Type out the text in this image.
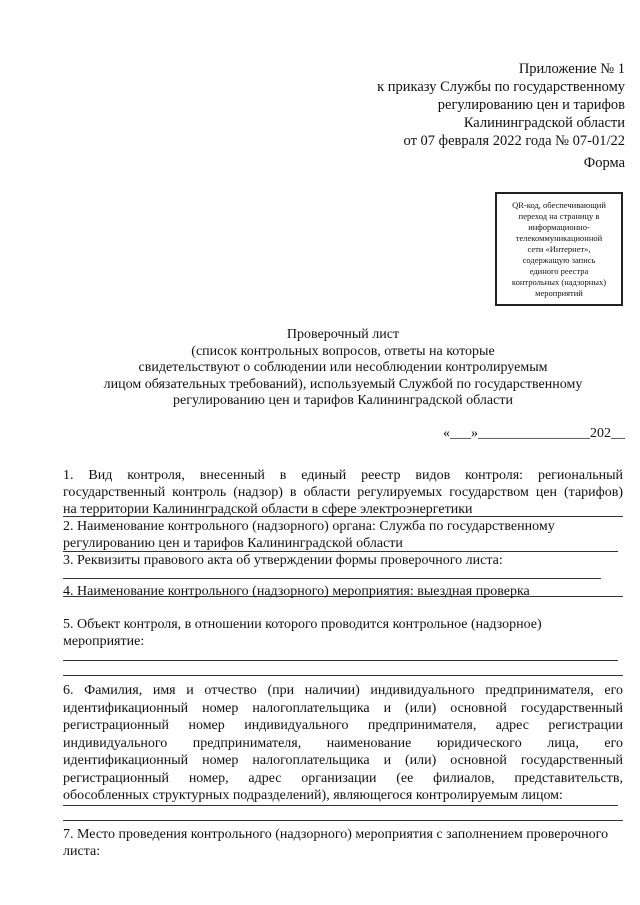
Приложение № 1
к приказу Службы по государственному
регулированию цен и тарифов
Калининградской области
от 07 февраля 2022 года № 07-01/22
Форма
QR-код, обеспечивающий
переход на страницу в
информационно-
телекоммуникационной
сети «Интернет»,
содержащую запись
единого реестра
контрольных (надзорных)
мероприятий
Проверочный лист
(список контрольных вопросов, ответы на которые
свидетельствуют о соблюдении или несоблюдении контролируемым
лицом обязательных требований), используемый Службой по государственному
регулированию цен и тарифов Калининградской области
«___»________________202__
1. Вид контроля, внесенный в единый реестр видов контроля: региональный
государственный контроль (надзор) в области регулируемых государством цен (тарифов)
на территории Калининградской области в сфере электроэнергетики
2. Наименование контрольного (надзорного) органа: Служба по государственному
регулированию цен и тарифов Калининградской области
3. Реквизиты правового акта об утверждении формы проверочного листа:
4. Наименование контрольного (надзорного) мероприятия: выездная проверка
5. Объект контроля, в отношении которого проводится контрольное (надзорное)
мероприятие:
6. Фамилия, имя и отчество (при наличии) индивидуального предпринимателя, его
идентификационный номер налогоплательщика и (или) основной государственный
регистрационный номер индивидуального предпринимателя, адрес регистрации
индивидуального предпринимателя, наименование юридического лица, его
идентификационный номер налогоплательщика и (или) основной государственный
регистрационный номер, адрес организации (ее филиалов, представительств,
обособленных структурных подразделений), являющегося контролируемым лицом:
7. Место проведения контрольного (надзорного) мероприятия с заполнением проверочного
листа:
